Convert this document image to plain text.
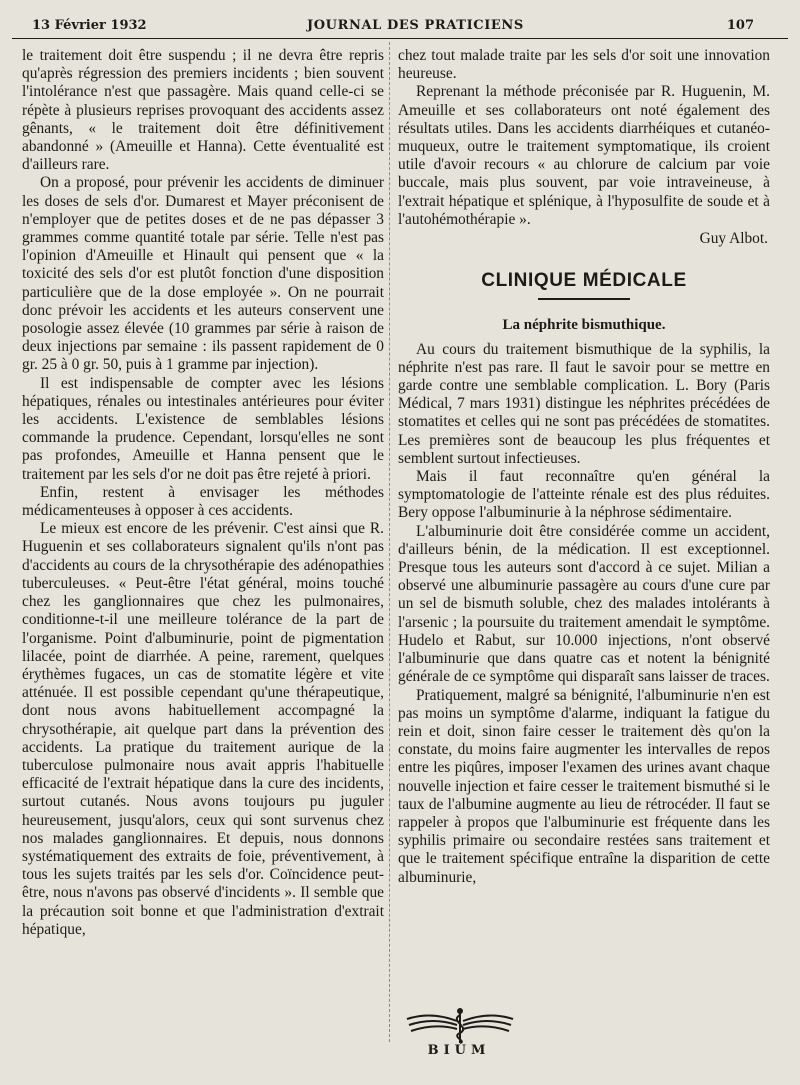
13 Février 1932	JOURNAL DES PRATICIENS	107

le traitement doit être suspendu ; il ne devra être repris qu'après régression des premiers incidents ; bien souvent l'intolérance n'est que passagère. Mais quand celle-ci se répète à plusieurs reprises provoquant des accidents assez gênants, « le traitement doit être définitivement abandonné » (Ameuille et Hanna). Cette éventualité est d'ailleurs rare.

On a proposé, pour prévenir les accidents de diminuer les doses de sels d'or. Dumarest et Mayer préconisent de n'employer que de petites doses et de ne pas dépasser 3 grammes comme quantité totale par série. Telle n'est pas l'opinion d'Ameuille et Hinault qui pensent que « la toxicité des sels d'or est plutôt fonction d'une disposition particulière que de la dose employée ». On ne pourrait donc prévoir les accidents et les auteurs conservent une posologie assez élevée (10 grammes par série à raison de deux injections par semaine : ils passent rapidement de 0 gr. 25 à 0 gr. 50, puis à 1 gramme par injection).

Il est indispensable de compter avec les lésions hépatiques, rénales ou intestinales antérieures pour éviter les accidents. L'existence de semblables lésions commande la prudence. Cependant, lorsqu'elles ne sont pas profondes, Ameuille et Hanna pensent que le traitement par les sels d'or ne doit pas être rejeté à priori.

Enfin, restent à envisager les méthodes médicamenteuses à opposer à ces accidents.

Le mieux est encore de les prévenir. C'est ainsi que R. Huguenin et ses collaborateurs signalent qu'ils n'ont pas d'accidents au cours de la chrysothérapie des adénopathies tuberculeuses. « Peut-être l'état général, moins touché chez les ganglionnaires que chez les pulmonaires, conditionne-t-il une meilleure tolérance de la part de l'organisme. Point d'albuminurie, point de pigmentation lilacée, point de diarrhée. A peine, rarement, quelques érythèmes fugaces, un cas de stomatite légère et vite atténuée. Il est possible cependant qu'une thérapeutique, dont nous avons habituellement accompagné la chrysothérapie, ait quelque part dans la prévention des accidents. La pratique du traitement aurique de la tuberculose pulmonaire nous avait appris l'habituelle efficacité de l'extrait hépatique dans la cure des incidents, surtout cutanés. Nous avons toujours pu juguler heureusement, jusqu'alors, ceux qui sont survenus chez nos malades ganglionnaires. Et depuis, nous donnons systématiquement des extraits de foie, préventivement, à tous les sujets traités par les sels d'or. Coïncidence peut-être, nous n'avons pas observé d'incidents ». Il semble que la précaution soit bonne et que l'administration d'extrait hépatique,

chez tout malade traite par les sels d'or soit une innovation heureuse.

Reprenant la méthode préconisée par R. Huguenin, M. Ameuille et ses collaborateurs ont noté également des résultats utiles. Dans les accidents diarrhéiques et cutanéo-muqueux, outre le traitement symptomatique, ils croient utile d'avoir recours « au chlorure de calcium par voie buccale, mais plus souvent, par voie intraveineuse, à l'extrait hépatique et splénique, à l'hyposulfite de soude et à l'autohémothérapie ».

Guy Albot.

CLINIQUE MÉDICALE
La néphrite bismuthique.

Au cours du traitement bismuthique de la syphilis, la néphrite n'est pas rare. Il faut le savoir pour se mettre en garde contre une semblable complication. L. Bory (Paris Médical, 7 mars 1931) distingue les néphrites précédées de stomatites et celles qui ne sont pas précédées de stomatites. Les premières sont de beaucoup les plus fréquentes et semblent surtout infectieuses.

Mais il faut reconnaître qu'en général la symptomatologie de l'atteinte rénale est des plus réduites. Bery oppose l'albuminurie à la néphrose sédimentaire.

L'albuminurie doit être considérée comme un accident, d'ailleurs bénin, de la médication. Il est exceptionnel. Presque tous les auteurs sont d'accord à ce sujet. Milian a observé une albuminurie passagère au cours d'une cure par un sel de bismuth soluble, chez des malades intolérants à l'arsenic ; la poursuite du traitement amendait le symptôme. Hudelo et Rabut, sur 10.000 injections, n'ont observé l'albuminurie que dans quatre cas et notent la bénignité générale de ce symptôme qui disparaît sans laisser de traces.

Pratiquement, malgré sa bénignité, l'albuminurie n'en est pas moins un symptôme d'alarme, indiquant la fatigue du rein et doit, sinon faire cesser le traitement dès qu'on la constate, du moins faire augmenter les intervalles de repos entre les piqûres, imposer l'examen des urines avant chaque nouvelle injection et faire cesser le traitement bismuthé si le taux de l'albumine augmente au lieu de rétrocéder. Il faut se rappeler à propos que l'albuminurie est fréquente dans les syphilis primaire ou secondaire restées sans traitement et que le traitement spécifique entraîne la disparition de cette albuminurie,

BIUM
